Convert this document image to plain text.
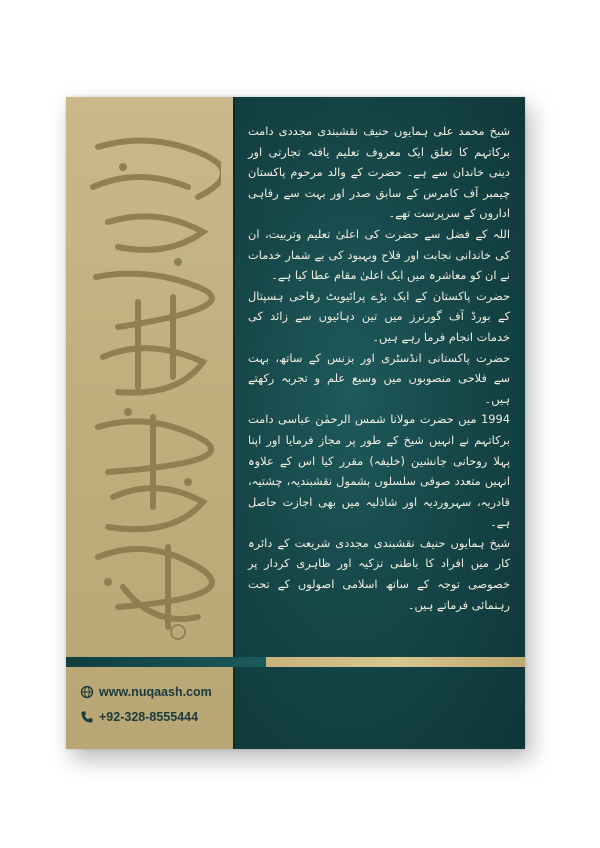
www.nuqaash.com
+92-328-8555444

شیخ محمد علی ہمایوں حنیف نقشبندی مجددی دامت برکاتہم کا تعلق ایک معروف تعلیم یافتہ تجارتی اور دینی خاندان سے ہے۔ حضرت کے والد مرحوم پاکستان چیمبر آف کامرس کے سابق صدر اور بہت سے رفاہی اداروں کے سرپرست تھے۔

اللہ کے فضل سے حضرت کی اعلیٰ تعلیم وتربیت، ان کی خاندانی نجابت اور فلاح وبہبود کی بے شمار خدمات نے ان کو معاشرہ میں ایک اعلیٰ مقام عطا کیا ہے۔

حضرت پاکستان کے ایک بڑے پرائیویٹ رفاحی ہسپتال کے بورڈ آف گورنرز میں تین دہائیوں سے زائد کی خدمات انجام فرما رہے ہیں۔

حضرت پاکستانی انڈسٹری اور بزنس کے ساتھ، بہت سے فلاحی منصوبوں میں وسیع علم و تجربہ رکھتے ہیں۔

1994 میں حضرت مولانا شمس الرحمٰن عباسی دامت برکاتہم نے انہیں شیخ کے طور پر مجاز فرمایا اور اپنا پہلا روحانی جانشین (خلیفہ) مقرر کیا اس کے علاوہ انہیں متعدد صوفی سلسلوں بشمول نقشبندیہ، چشتیہ، قادریہ، سہروردیہ اور شاذلیہ میں بھی اجازت حاصل ہے۔

شیخ ہمایوں حنیف نقشبندی مجددی شریعت کے دائرہ کار میں افراد کا باطنی تزکیہ اور ظاہری کردار پر خصوصی توجہ کے ساتھ اسلامی اصولوں کے تحت رہنمائی فرماتے ہیں۔
